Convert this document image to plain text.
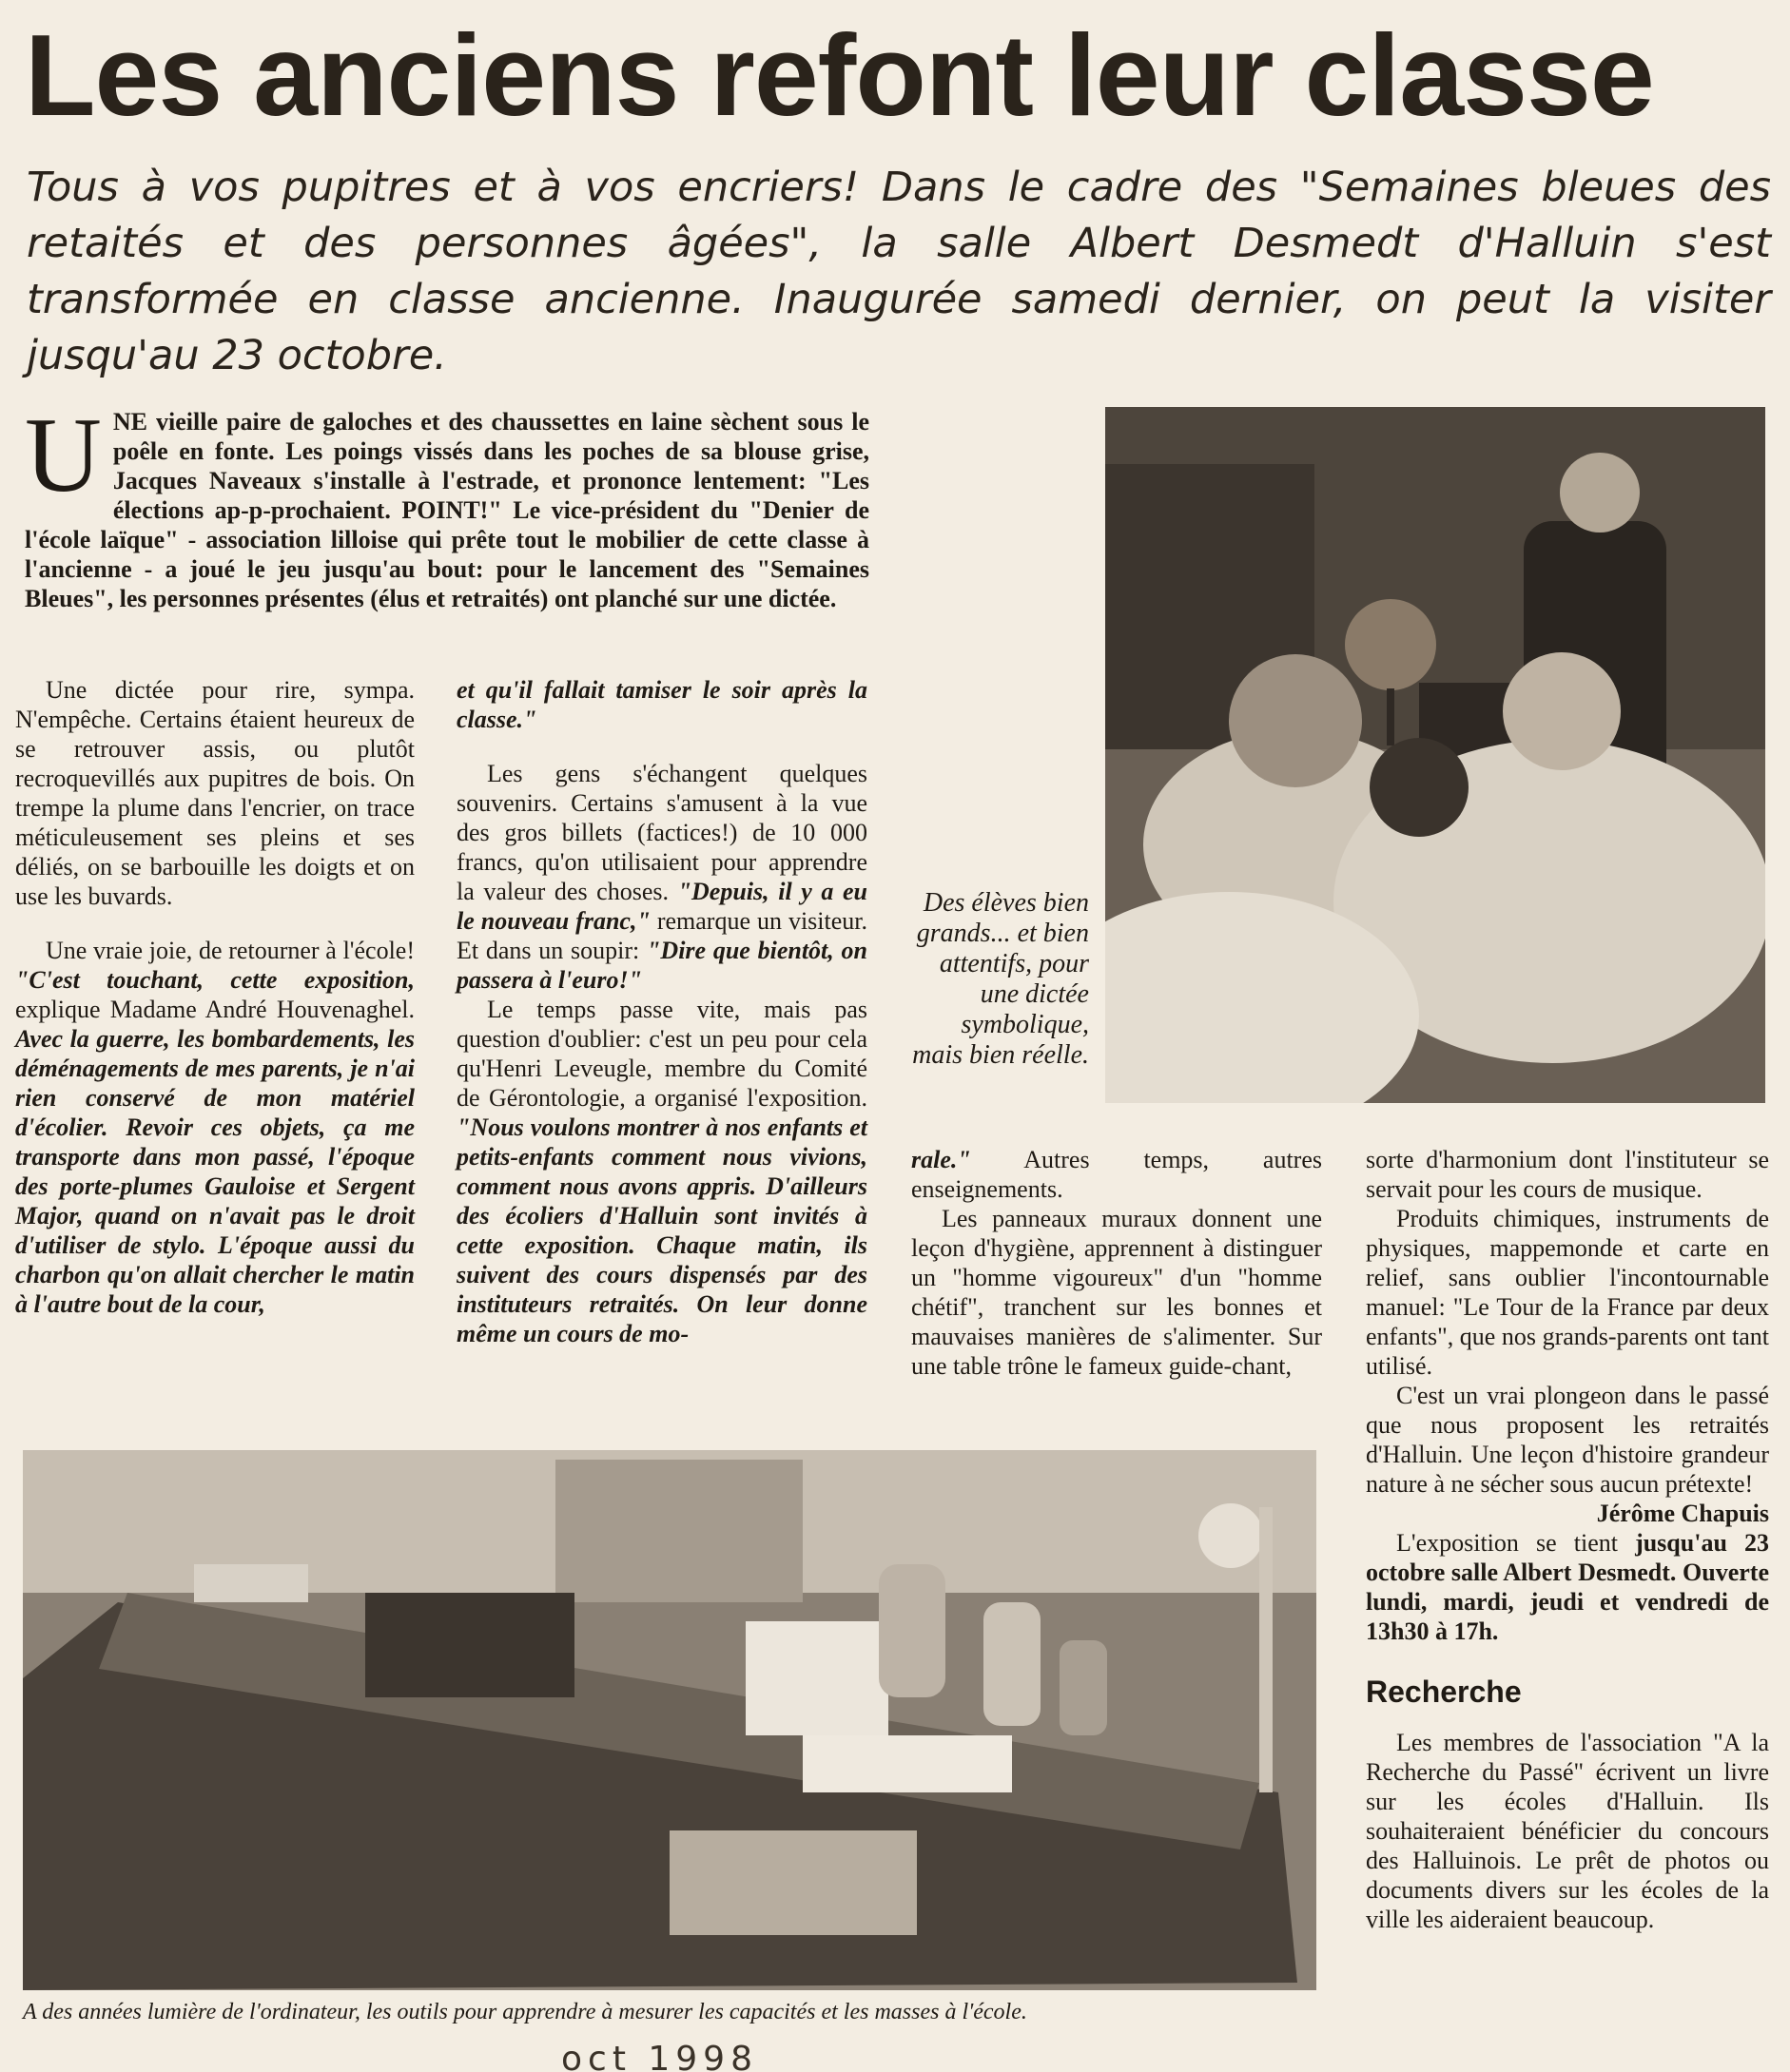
Les anciens refont leur classe

Tous à vos pupitres et à vos encriers! Dans le cadre des "Semaines bleues des retaités et des personnes âgées", la salle Albert Desmedt d'Halluin s'est transformée en classe ancienne. Inaugurée samedi dernier, on peut la visiter jusqu'au 23 octobre.

UNE vieille paire de galoches et des chaussettes en laine sèchent sous le poêle en fonte. Les poings vissés dans les poches de sa blouse grise, Jacques Naveaux s'installe à l'estrade, et prononce lentement: "Les élections ap-p-prochaient. POINT!" Le vice-président du "Denier de l'école laïque" - association lilloise qui prête tout le mobilier de cette classe à l'ancienne - a joué le jeu jusqu'au bout: pour le lancement des "Semaines Bleues", les personnes présentes (élus et retraités) ont planché sur une dictée.

Une dictée pour rire, sympa. N'empêche. Certains étaient heureux de se retrouver assis, ou plutôt recroquevillés aux pupitres de bois. On trempe la plume dans l'encrier, on trace méticuleusement ses pleins et ses déliés, on se barbouille les doigts et on use les buvards.

Une vraie joie, de retourner à l'école! "C'est touchant, cette exposition, explique Madame André Houvenaghel. Avec la guerre, les bombardements, les déménagements de mes parents, je n'ai rien conservé de mon matériel d'écolier. Revoir ces objets, ça me transporte dans mon passé, l'époque des porte-plumes Gauloise et Sergent Major, quand on n'avait pas le droit d'utiliser de stylo. L'époque aussi du charbon qu'on allait chercher le matin à l'autre bout de la cour,

et qu'il fallait tamiser le soir après la classe."

Les gens s'échangent quelques souvenirs. Certains s'amusent à la vue des gros billets (factices!) de 10 000 francs, qu'on utilisaient pour apprendre la valeur des choses. "Depuis, il y a eu le nouveau franc," remarque un visiteur. Et dans un soupir: "Dire que bientôt, on passera à l'euro!"

Le temps passe vite, mais pas question d'oublier: c'est un peu pour cela qu'Henri Leveugle, membre du Comité de Gérontologie, a organisé l'exposition. "Nous voulons montrer à nos enfants et petits-enfants comment nous vivions, comment nous avons appris. D'ailleurs des écoliers d'Halluin sont invités à cette exposition. Chaque matin, ils suivent des cours dispensés par des instituteurs retraités. On leur donne même un cours de mo-

Des élèves bien grands... et bien attentifs, pour une dictée symbolique, mais bien réelle.

rale." Autres temps, autres enseignements.

Les panneaux muraux donnent une leçon d'hygiène, apprennent à distinguer un "homme vigoureux" d'un "homme chétif", tranchent sur les bonnes et mauvaises manières de s'alimenter. Sur une table trône le fameux guide-chant,

sorte d'harmonium dont l'instituteur se servait pour les cours de musique.

Produits chimiques, instruments de physiques, mappemonde et carte en relief, sans oublier l'incontournable manuel: "Le Tour de la France par deux enfants", que nos grands-parents ont tant utilisé.

C'est un vrai plongeon dans le passé que nous proposent les retraités d'Halluin. Une leçon d'histoire grandeur nature à ne sécher sous aucun prétexte!

Jérôme Chapuis

L'exposition se tient jusqu'au 23 octobre salle Albert Desmedt. Ouverte lundi, mardi, jeudi et vendredi de 13h30 à 17h.

Recherche

Les membres de l'association "A la Recherche du Passé" écrivent un livre sur les écoles d'Halluin. Ils souhaiteraient bénéficier du concours des Halluinois. Le prêt de photos ou documents divers sur les écoles de la ville les aideraient beaucoup.

A des années lumière de l'ordinateur, les outils pour apprendre à mesurer les capacités et les masses à l'école.

oct 1998
